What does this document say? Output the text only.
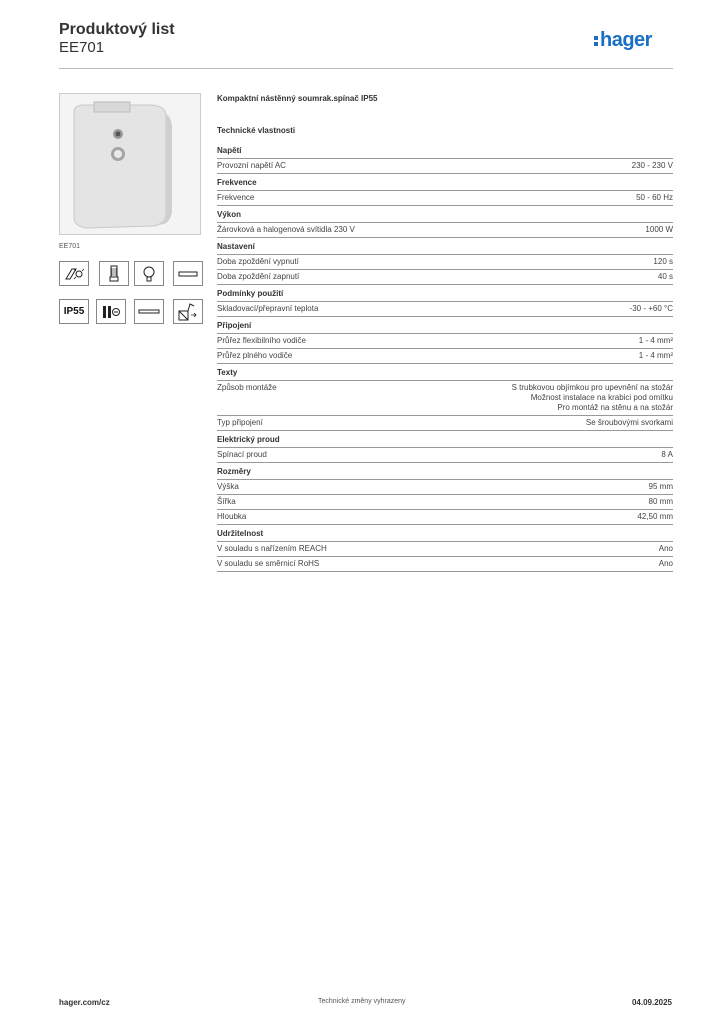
Produktový list
EE701	hager
EE701
IP55
Kompaktní nástěnný soumrak.spínač IP55
Technické vlastnosti
Napětí
Provozní napětí AC	230 - 230 V
Frekvence
Frekvence	50 - 60 Hz
Výkon
Žárovková a halogenová svítidla 230 V	1000 W
Nastavení
Doba zpoždění vypnutí	120 s
Doba zpoždění zapnutí	40 s
Podmínky použití
Skladovací/přepravní teplota	-30 - +60 °C
Připojení
Průřez flexibilního vodiče	1 - 4 mm²
Průřez plného vodiče	1 - 4 mm²
Texty
Způsob montáže	S trubkovou objímkou pro upevnění na stožár
Možnost instalace na krabici pod omítku
Pro montáž na stěnu a na stožár
Typ připojení	Se šroubovými svorkami
Elektrický proud
Spínací proud	8 A
Rozměry
Výška	95 mm
Šířka	80 mm
Hloubka	42,50 mm
Udržitelnost
V souladu s nařízením REACH	Ano
V souladu se směrnicí RoHS	Ano
hager.com/cz	Technické změny vyhrazeny	04.09.2025
